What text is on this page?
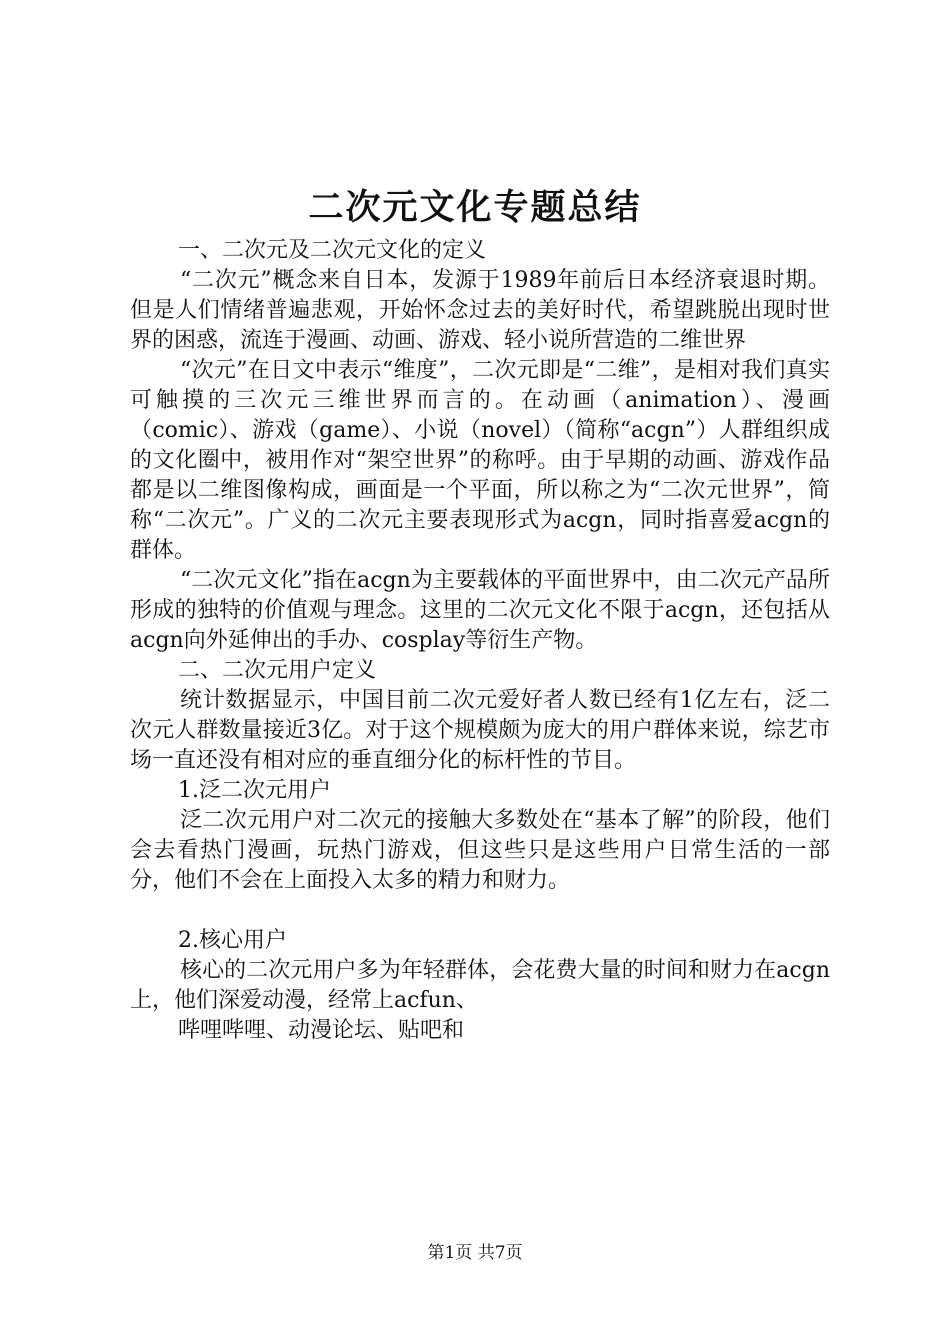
二次元文化专题总结

一、二次元及二次元文化的定义

“二次元”概念来自日本，发源于1989年前后日本经济衰退时期。但是人们情绪普遍悲观，开始怀念过去的美好时代，希望跳脱出现时世界的困惑，流连于漫画、动画、游戏、轻小说所营造的二维世界

“次元”在日文中表示“维度”，二次元即是“二维”，是相对我们真实可触摸的三次元三维世界而言的。在动画（animation）、漫画（comic）、游戏（game）、小说（novel）（简称“acgn”）人群组织成的文化圈中，被用作对“架空世界”的称呼。由于早期的动画、游戏作品都是以二维图像构成，画面是一个平面，所以称之为“二次元世界”，简称“二次元”。广义的二次元主要表现形式为acgn，同时指喜爱acgn的群体。

“二次元文化”指在acgn为主要载体的平面世界中，由二次元产品所形成的独特的价值观与理念。这里的二次元文化不限于acgn，还包括从acgn向外延伸出的手办、cosplay等衍生产物。

二、二次元用户定义

统计数据显示，中国目前二次元爱好者人数已经有1亿左右，泛二次元人群数量接近3亿。对于这个规模颇为庞大的用户群体来说，综艺市场一直还没有相对应的垂直细分化的标杆性的节目。

1.泛二次元用户

泛二次元用户对二次元的接触大多数处在“基本了解”的阶段，他们会去看热门漫画，玩热门游戏，但这些只是这些用户日常生活的一部分，他们不会在上面投入太多的精力和财力。

2.核心用户

核心的二次元用户多为年轻群体，会花费大量的时间和财力在acgn上，他们深爱动漫，经常上acfun、

哔哩哔哩、动漫论坛、贴吧和

第1页 共7页
